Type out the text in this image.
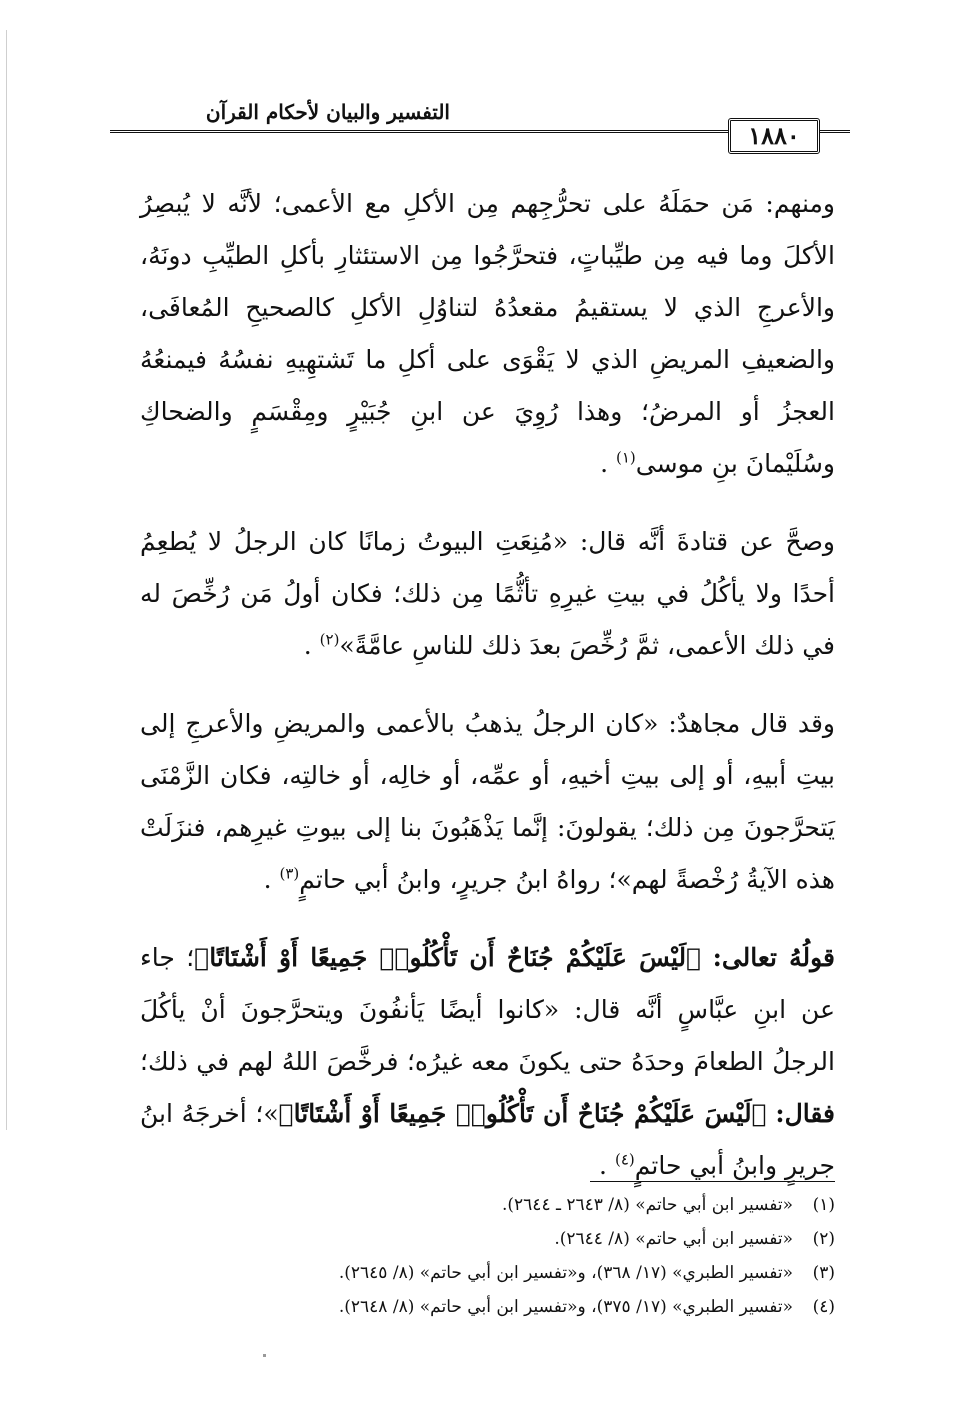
التفسير والبيان لأحكام القرآن
١٨٨٠

ومنهم: مَن حمَلَهُ على تحرُّجِهم مِن الأكلِ مع الأعمى؛ لأنَّه لا يُبصِرُ الأكلَ وما فيه مِن طيِّباتٍ، فتحرَّجُوا مِن الاستئثارِ بأكلِ الطيِّبِ دونَهُ، والأعرجِ الذي لا يستقيمُ مقعدُهُ لتناوُلِ الأكلِ كالصحيحِ المُعافَى، والضعيفِ المريضِ الذي لا يَقْوَى على أكلِ ما تَشتهِيهِ نفسُهُ فيمنعُهُ العجزُ أو المرضُ؛ وهذا رُوِيَ عن ابنِ جُبَيْرٍ ومِقْسَمٍ والضحاكِ وسُلَيْمانَ بنِ موسى$^{(١)}$ .

وصحَّ عن قتادةَ أنَّه قال: «مُنِعَتِ البيوتُ زمانًا كان الرجلُ لا يُطعِمُ أحدًا ولا يأكُلُ في بيتِ غيرِهِ تأثُّمًا مِن ذلك؛ فكان أولُ مَن رُخِّصَ له في ذلك الأعمى، ثمَّ رُخِّصَ بعدَ ذلك للناسِ عامَّةً»$^{(٢)}$ .

وقد قال مجاهدٌ: «كان الرجلُ يذهبُ بالأعمى والمريضِ والأعرجِ إلى بيتِ أبيهِ، أو إلى بيتِ أخيهِ، أو عمِّه، أو خالِه، أو خالتِه، فكان الزَّمْنَى يَتحرَّجونَ مِن ذلك؛ يقولونَ: إنَّما يَذْهَبُونَ بنا إلى بيوتِ غيرِهم، فنزَلَتْ هذه الآيةُ رُخْصةً لهم»؛ رواهُ ابنُ جريرٍ، وابنُ أبي حاتمٍ$^{(٣)}$ .

قولُهُ تعالى: ﴿لَيْسَ عَلَيْكُمْ جُنَاحٌ أَن تَأْكُلُوا۟ جَمِيعًا أَوْ أَشْتَاتًا﴾؛ جاء عن ابنِ عبَّاسٍ أنَّه قال: «كانوا أيضًا يَأنفُونَ ويتحرَّجونَ أنْ يأكُلَ الرجلُ الطعامَ وحدَهُ حتى يكونَ معه غيرُه؛ فرخَّصَ اللهُ لهم في ذلك؛ فقال: ﴿لَيْسَ عَلَيْكُمْ جُنَاحٌ أَن تَأْكُلُوا۟ جَمِيعًا أَوْ أَشْتَاتًا﴾»؛ أخرجَهُ ابنُ جريرٍ وابنُ أبي حاتمٍ$^{(٤)}$ .

(١)«تفسير ابن أبي حاتم» (٨/ ٢٦٤٣ ـ ٢٦٤٤).
(٢)«تفسير ابن أبي حاتم» (٨/ ٢٦٤٤).
(٣)«تفسير الطبري» (١٧/ ٣٦٨)، و«تفسير ابن أبي حاتم» (٨/ ٢٦٤٥).
(٤)«تفسير الطبري» (١٧/ ٣٧٥)، و«تفسير ابن أبي حاتم» (٨/ ٢٦٤٨).
